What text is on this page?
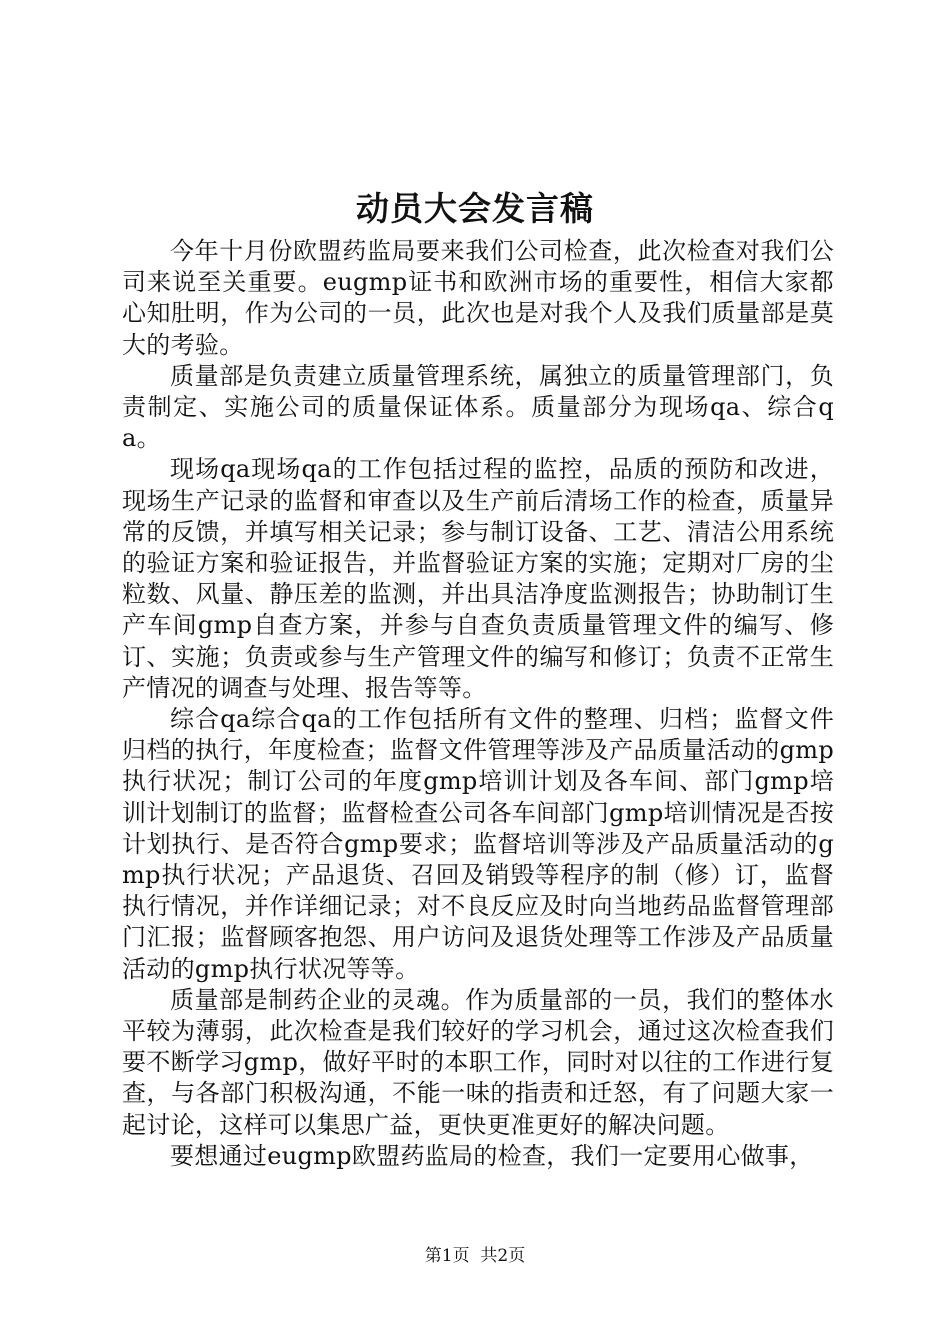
动员大会发言稿

今年十月份欧盟药监局要来我们公司检查，此次检查对我们公司来说至关重要。eugmp证书和欧洲市场的重要性，相信大家都心知肚明，作为公司的一员，此次也是对我个人及我们质量部是莫大的考验。

质量部是负责建立质量管理系统，属独立的质量管理部门，负责制定、实施公司的质量保证体系。质量部分为现场qa、综合qa。

现场qa现场qa的工作包括过程的监控，品质的预防和改进，现场生产记录的监督和审查以及生产前后清场工作的检查，质量异常的反馈，并填写相关记录；参与制订设备、工艺、清洁公用系统的验证方案和验证报告，并监督验证方案的实施；定期对厂房的尘粒数、风量、静压差的监测，并出具洁净度监测报告；协助制订生产车间gmp自查方案，并参与自查负责质量管理文件的编写、修订、实施；负责或参与生产管理文件的编写和修订；负责不正常生产情况的调查与处理、报告等等。

综合qa综合qa的工作包括所有文件的整理、归档；监督文件归档的执行，年度检查；监督文件管理等涉及产品质量活动的gmp执行状况；制订公司的年度gmp培训计划及各车间、部门gmp培训计划制订的监督；监督检查公司各车间部门gmp培训情况是否按计划执行、是否符合gmp要求；监督培训等涉及产品质量活动的gmp执行状况；产品退货、召回及销毁等程序的制（修）订，监督执行情况，并作详细记录；对不良反应及时向当地药品监督管理部门汇报；监督顾客抱怨、用户访问及退货处理等工作涉及产品质量活动的gmp执行状况等等。

质量部是制药企业的灵魂。作为质量部的一员，我们的整体水平较为薄弱，此次检查是我们较好的学习机会，通过这次检查我们要不断学习gmp，做好平时的本职工作，同时对以往的工作进行复查，与各部门积极沟通，不能一味的指责和迁怒，有了问题大家一起讨论，这样可以集思广益，更快更准更好的解决问题。

要想通过eugmp欧盟药监局的检查，我们一定要用心做事，

第1页 共2页
